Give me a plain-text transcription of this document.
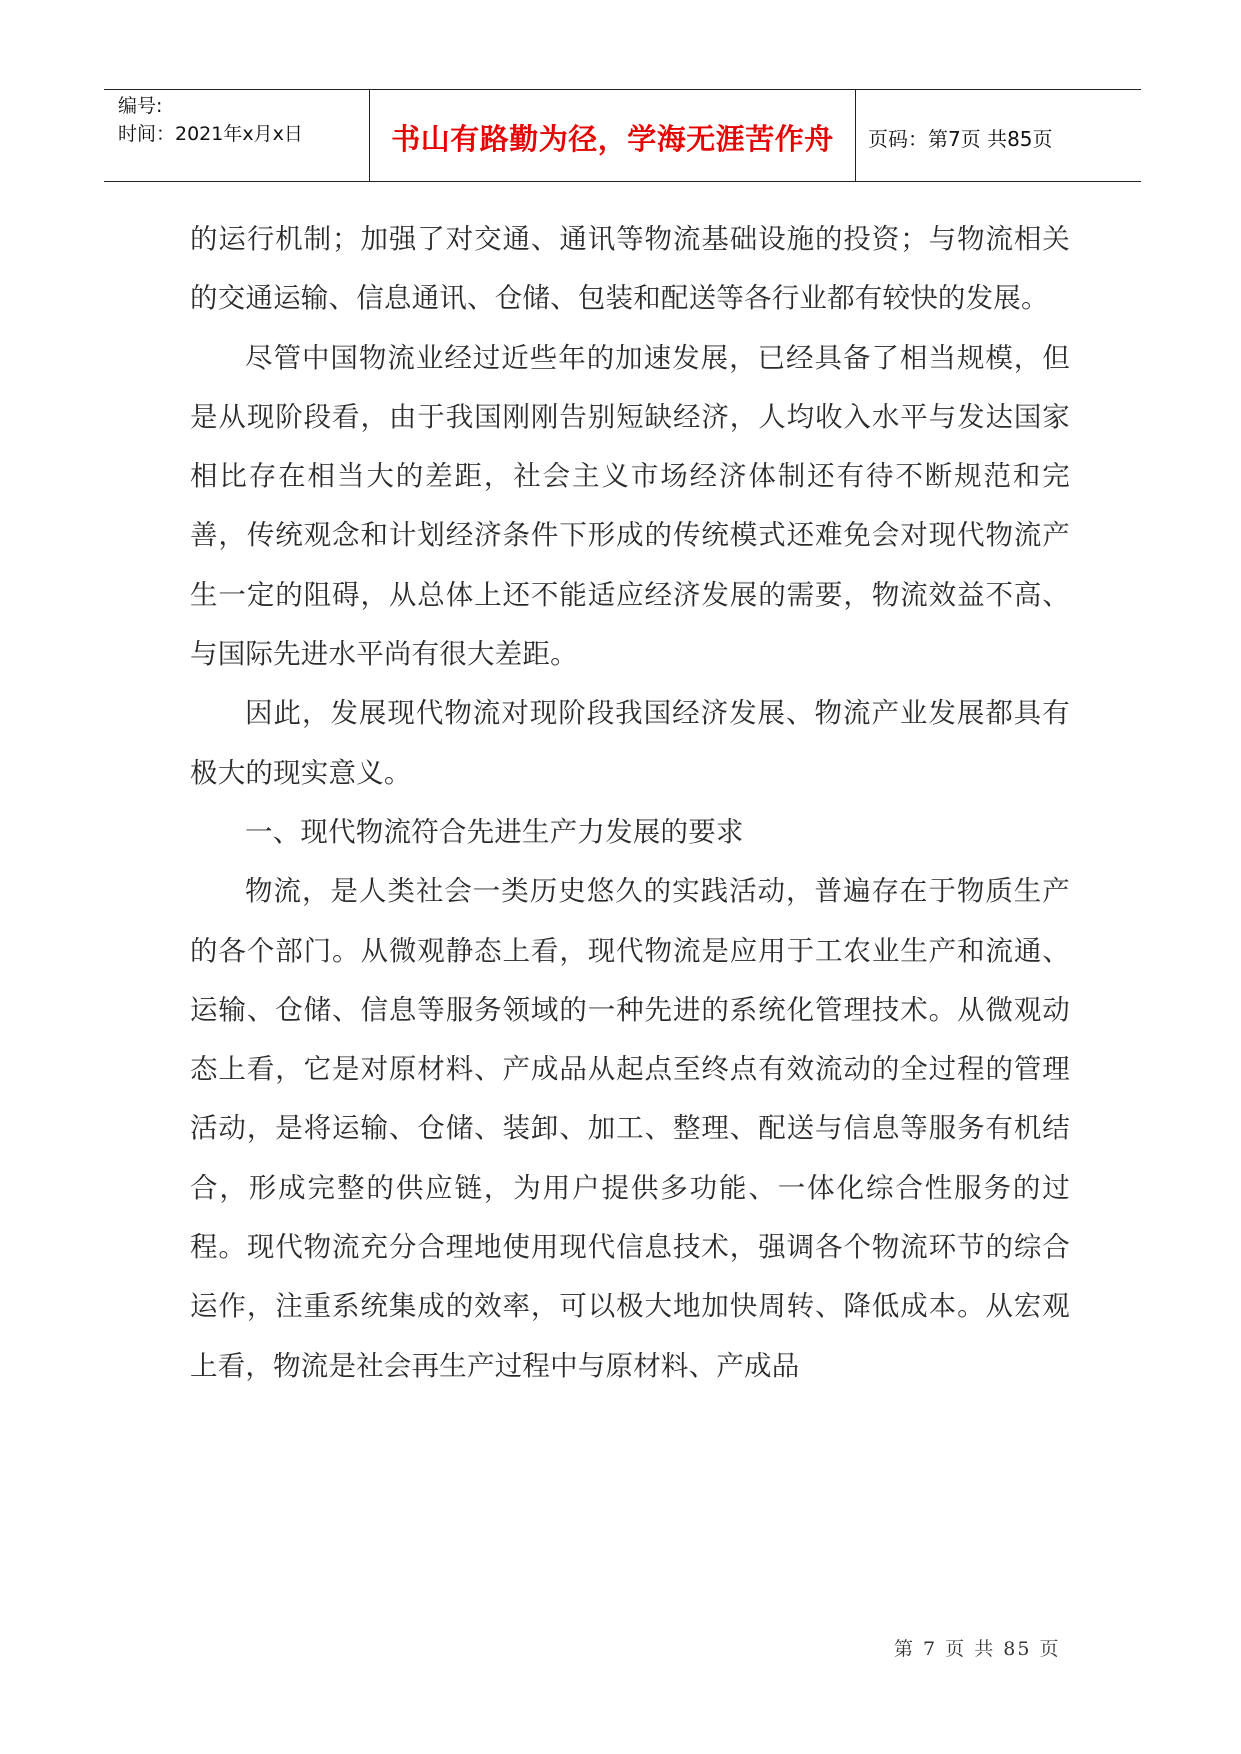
编号:
时间：2021年x月x日	书山有路勤为径，学海无涯苦作舟	页码：第7页 共85页

的运行机制；加强了对交通、通讯等物流基础设施的投资；与物流相关的交通运输、信息通讯、仓储、包装和配送等各行业都有较快的发展。

尽管中国物流业经过近些年的加速发展，已经具备了相当规模，但是从现阶段看，由于我国刚刚告别短缺经济，人均收入水平与发达国家相比存在相当大的差距，社会主义市场经济体制还有待不断规范和完善，传统观念和计划经济条件下形成的传统模式还难免会对现代物流产生一定的阻碍，从总体上还不能适应经济发展的需要，物流效益不高、与国际先进水平尚有很大差距。

因此，发展现代物流对现阶段我国经济发展、物流产业发展都具有极大的现实意义。

一、现代物流符合先进生产力发展的要求

物流，是人类社会一类历史悠久的实践活动，普遍存在于物质生产的各个部门。从微观静态上看，现代物流是应用于工农业生产和流通、运输、仓储、信息等服务领域的一种先进的系统化管理技术。从微观动态上看，它是对原材料、产成品从起点至终点有效流动的全过程的管理活动，是将运输、仓储、装卸、加工、整理、配送与信息等服务有机结合，形成完整的供应链，为用户提供多功能、一体化综合性服务的过程。现代物流充分合理地使用现代信息技术，强调各个物流环节的综合运作，注重系统集成的效率，可以极大地加快周转、降低成本。从宏观上看，物流是社会再生产过程中与原材料、产成品

第 7 页 共 85 页
